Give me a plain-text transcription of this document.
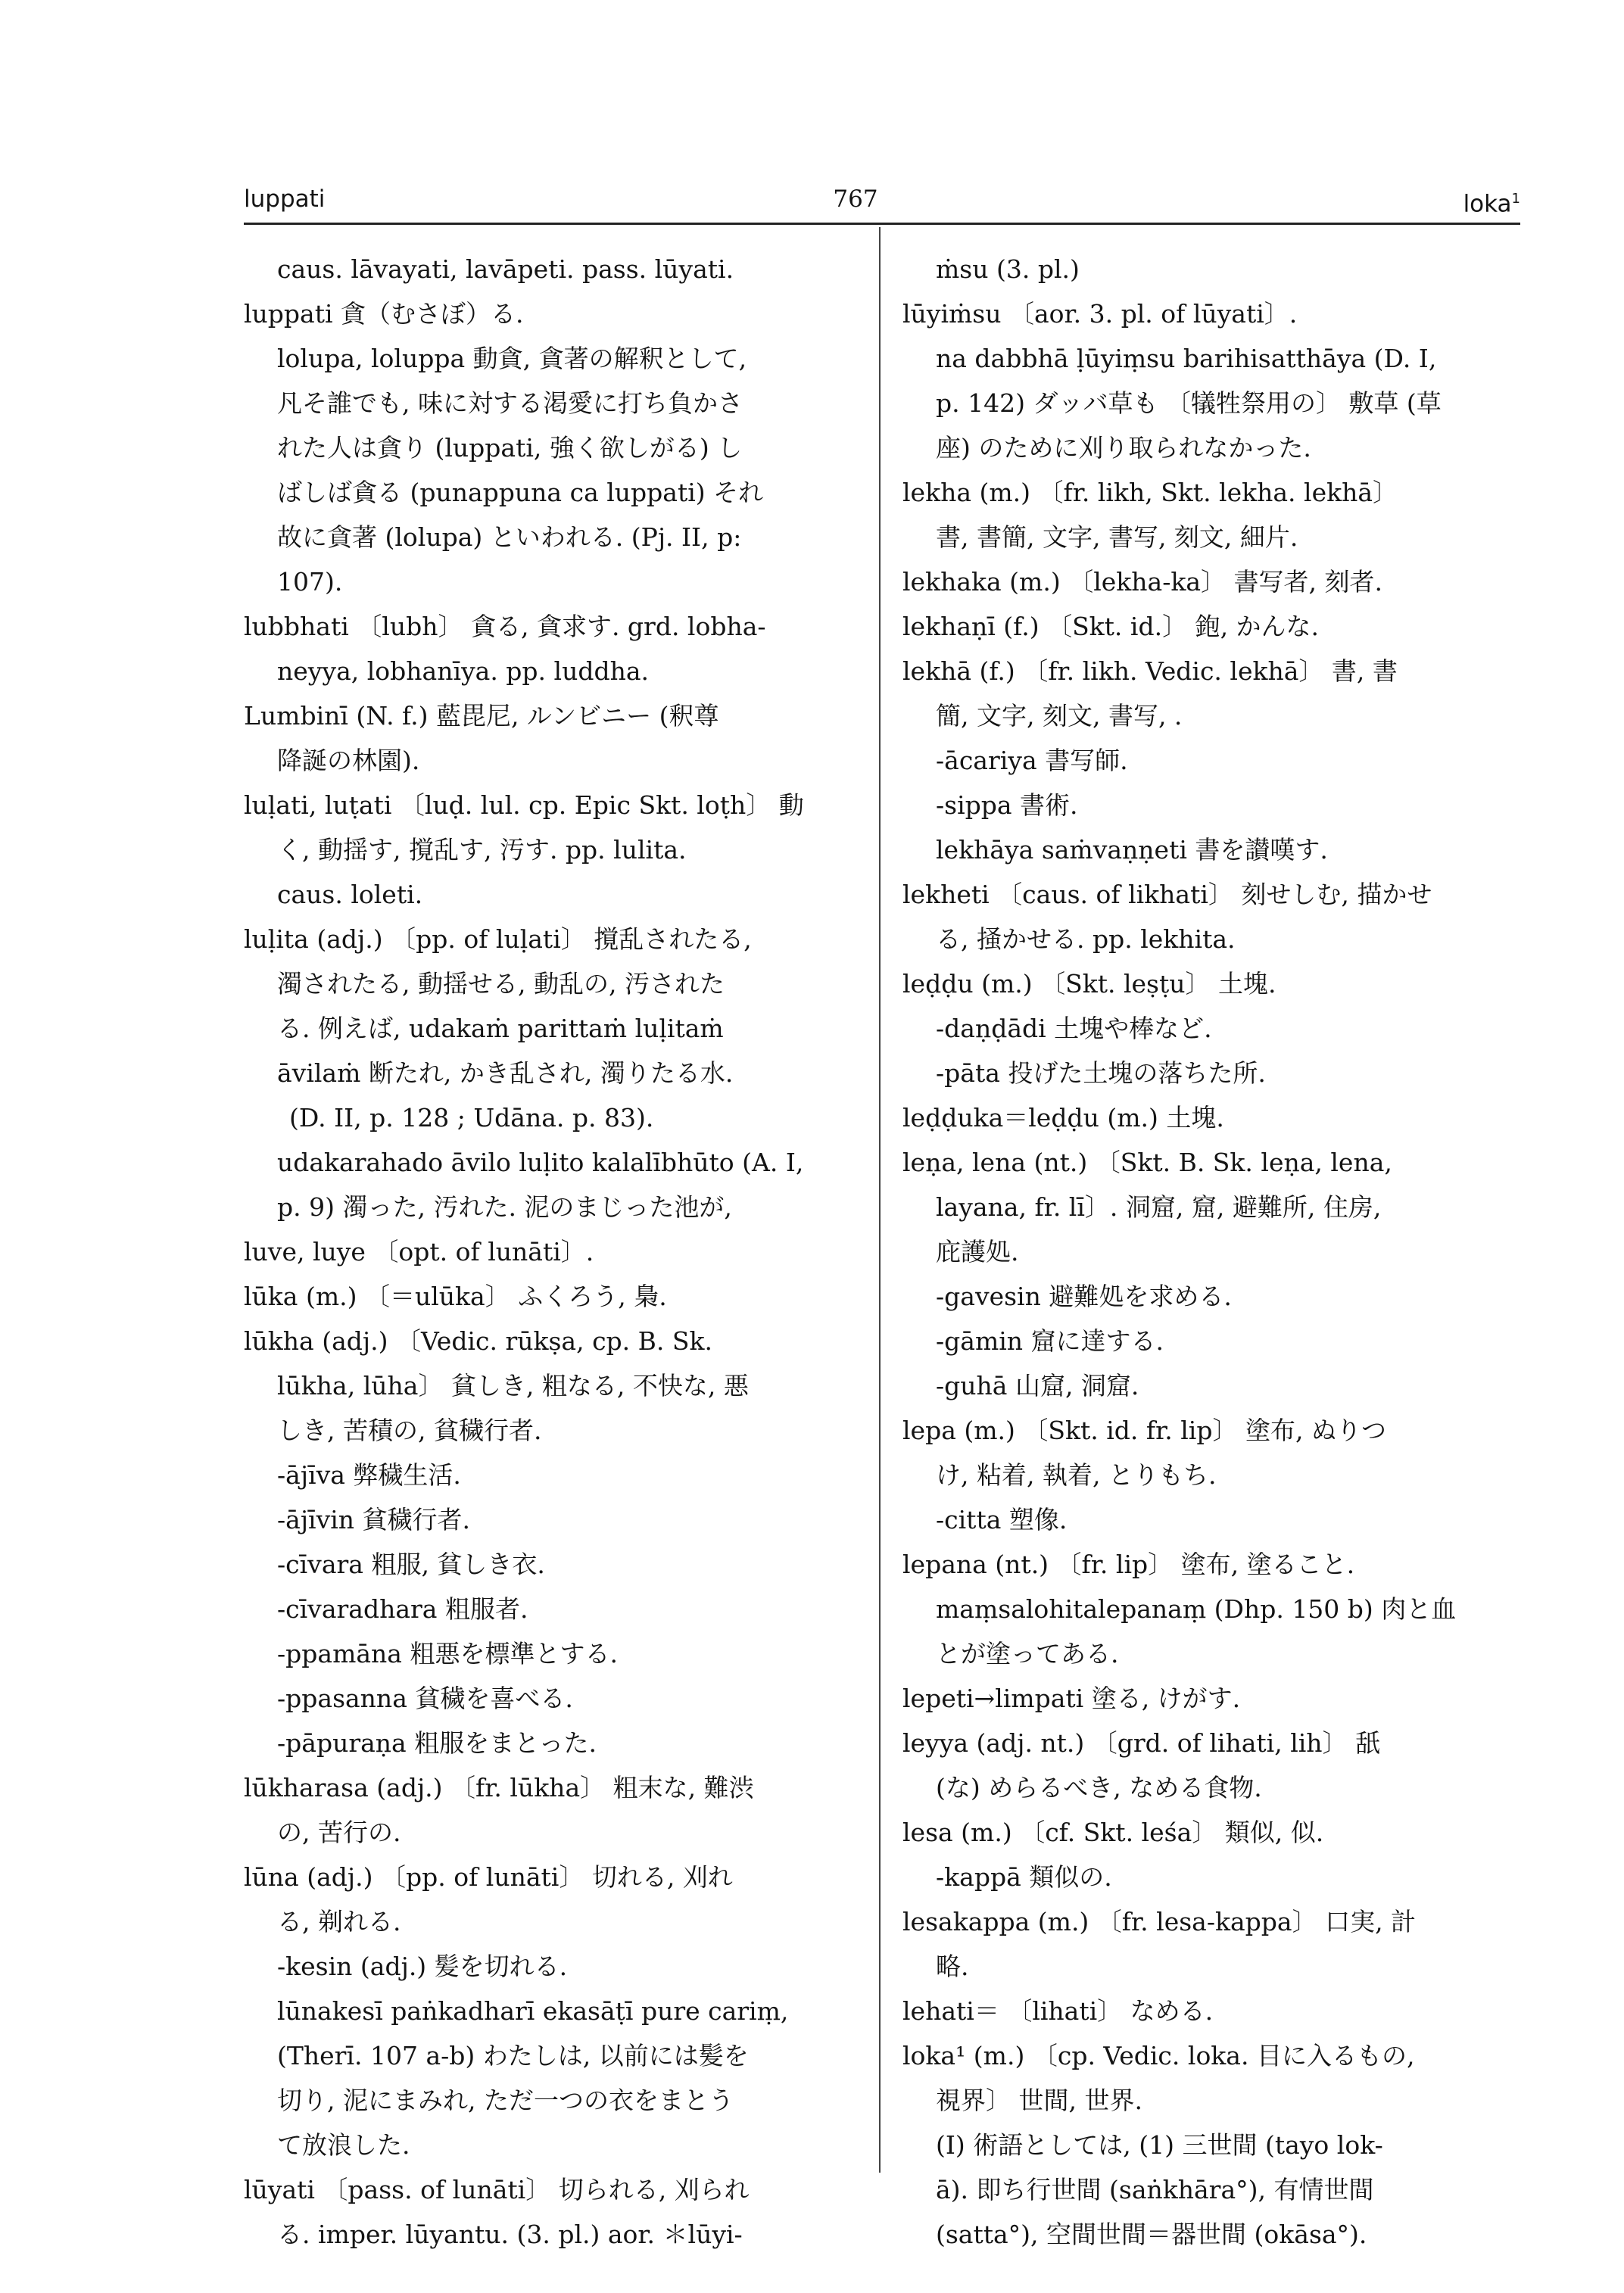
luppati	767	loka$^1$
caus. lāvayati, lavāpeti. pass. lūyati.
luppati 貪（むさぼ）る.
lolupa, loluppa 動貪, 貪著の解釈として,
凡そ誰でも, 味に対する渇愛に打ち負かさ
れた人は貪り (luppati, 強く欲しがる) し
ばしば貪る (punappuna ca luppati) それ
故に貪著 (lolupa) といわれる. (Pj. II, p:
107).
lubbhati 〔lubh〕 貪る, 貪求す. grd. lobha-
neyya, lobhanīya. pp. luddha.
Lumbinī (N. f.) 藍毘尼, ルンビニー (釈尊
降誕の林園).
luḷati, luṭati 〔luḍ. lul. cp. Epic Skt. loṭh〕 動
く, 動揺す, 撹乱す, 汚す. pp. lulita.
caus. loleti.
luḷita (adj.) 〔pp. of luḷati〕 撹乱されたる,
濁されたる, 動揺せる, 動乱の, 汚された
る. 例えば, udakaṁ parittaṁ luḷitaṁ
āvilaṁ 断たれ, かき乱され, 濁りたる水.
(D. II, p. 128 ; Udāna. p. 83).
udakarahado āvilo luḷito kalalībhūto (A. I,
p. 9) 濁った, 汚れた. 泥のまじった池が,
luve, luye 〔opt. of lunāti〕.
lūka (m.) 〔＝ulūka〕 ふくろう, 梟.
lūkha (adj.) 〔Vedic. rūkṣa, cp. B. Sk.
lūkha, lūha〕 貧しき, 粗なる, 不快な, 悪
しき, 苦積の, 貧穢行者.
-ājīva 弊穢生活.
-ājīvin 貧穢行者.
-cīvara 粗服, 貧しき衣.
-cīvaradhara 粗服者.
-ppamāna 粗悪を標準とする.
-ppasanna 貧穢を喜べる.
-pāpuraṇa 粗服をまとった.
lūkharasa (adj.) 〔fr. lūkha〕 粗末な, 難渋
の, 苦行の.
lūna (adj.) 〔pp. of lunāti〕 切れる, 刈れ
る, 剃れる.
-kesin (adj.) 髪を切れる.
lūnakesī paṅkadharī ekasāṭī pure cariṃ,
(Therī. 107 a-b) わたしは, 以前には髪を
切り, 泥にまみれ, ただ一つの衣をまとう
て放浪した.
lūyati 〔pass. of lunāti〕 切られる, 刈られ
る. imper. lūyantu. (3. pl.) aor. ＊lūyi-
ṁsu (3. pl.)
lūyiṁsu 〔aor. 3. pl. of lūyati〕.
na dabbhā ḷūyiṃsu barihisatthāya (D. I,
p. 142) ダッバ草も 〔犠牲祭用の〕 敷草 (草
座) のために刈り取られなかった.
lekha (m.) 〔fr. likh, Skt. lekha. lekhā〕
書, 書簡, 文字, 書写, 刻文, 細片.
lekhaka (m.) 〔lekha-ka〕 書写者, 刻者.
lekhaṇī (f.) 〔Skt. id.〕 鉋, かんな.
lekhā (f.) 〔fr. likh. Vedic. lekhā〕 書, 書
簡, 文字, 刻文, 書写, .
-ācariya 書写師.
-sippa 書術.
lekhāya saṁvaṇṇeti 書を讃嘆す.
lekheti 〔caus. of likhati〕 刻せしむ, 描かせ
る, 掻かせる. pp. lekhita.
leḍḍu (m.) 〔Skt. leṣṭu〕 土塊.
-daṇḍādi 土塊や棒など.
-pāta 投げた土塊の落ちた所.
leḍḍuka＝leḍḍu (m.) 土塊.
leṇa, lena (nt.) 〔Skt. B. Sk. leṇa, lena,
layana, fr. lī〕. 洞窟, 窟, 避難所, 住房,
庇護処.
-gavesin 避難処を求める.
-gāmin 窟に達する.
-guhā 山窟, 洞窟.
lepa (m.) 〔Skt. id. fr. lip〕 塗布, ぬりつ
け, 粘着, 執着, とりもち.
-citta 塑像.
lepana (nt.) 〔fr. lip〕 塗布, 塗ること.
maṃsalohitalepanaṃ (Dhp. 150 b) 肉と血
とが塗ってある.
lepeti→limpati 塗る, けがす.
leyya (adj. nt.) 〔grd. of lihati, lih〕 舐
(な) めらるべき, なめる食物.
lesa (m.) 〔cf. Skt. leśa〕 類似, 似.
-kappā 類似の.
lesakappa (m.) 〔fr. lesa-kappa〕 口実, 計
略.
lehati＝ 〔lihati〕 なめる.
loka¹ (m.) 〔cp. Vedic. loka. 目に入るもの,
視界〕 世間, 世界.
(I) 術語としては, (1) 三世間 (tayo lok-
ā). 即ち行世間 (saṅkhāra°), 有情世間
(satta°), 空間世間＝器世間 (okāsa°).
